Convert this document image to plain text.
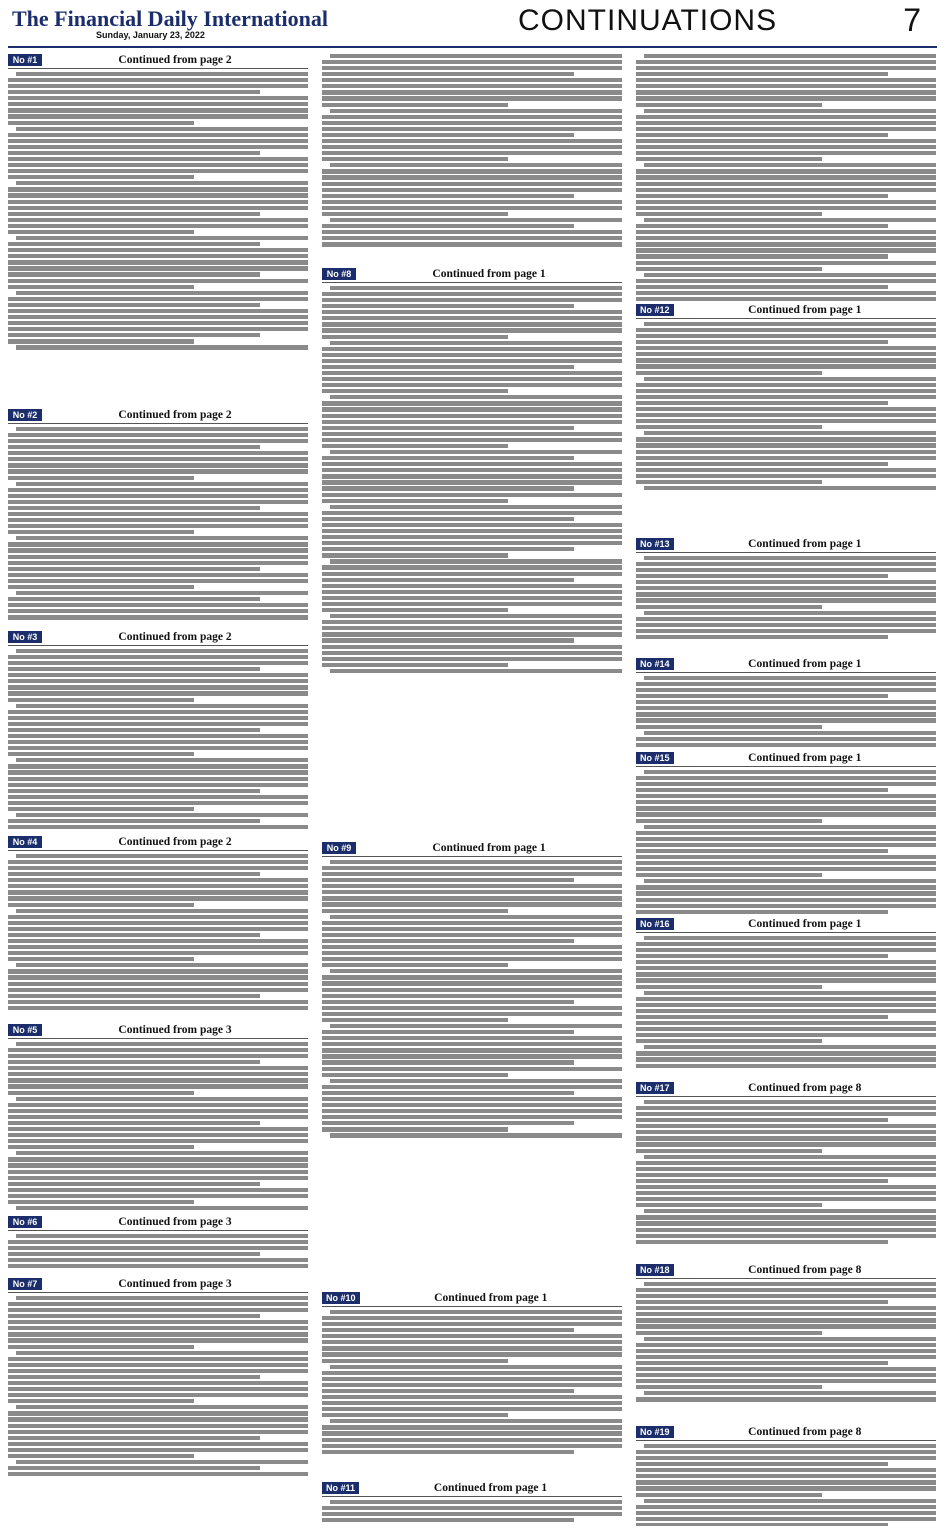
The Financial Daily International
Sunday, January 23, 2022	CONTINUATIONS	7
No #1	Continued from page 2
No #2	Continued from page 2
No #3	Continued from page 2
No #4	Continued from page 2
No #5	Continued from page 3
No #6	Continued from page 3
No #7	Continued from page 3
No #8	Continued from page 1
No #9	Continued from page 1
No #10	Continued from page 1
No #11	Continued from page 1
No #12	Continued from page 1
No #13	Continued from page 1
No #14	Continued from page 1
No #15	Continued from page 1
No #16	Continued from page 1
No #17	Continued from page 8
No #18	Continued from page 8
No #19	Continued from page 8
